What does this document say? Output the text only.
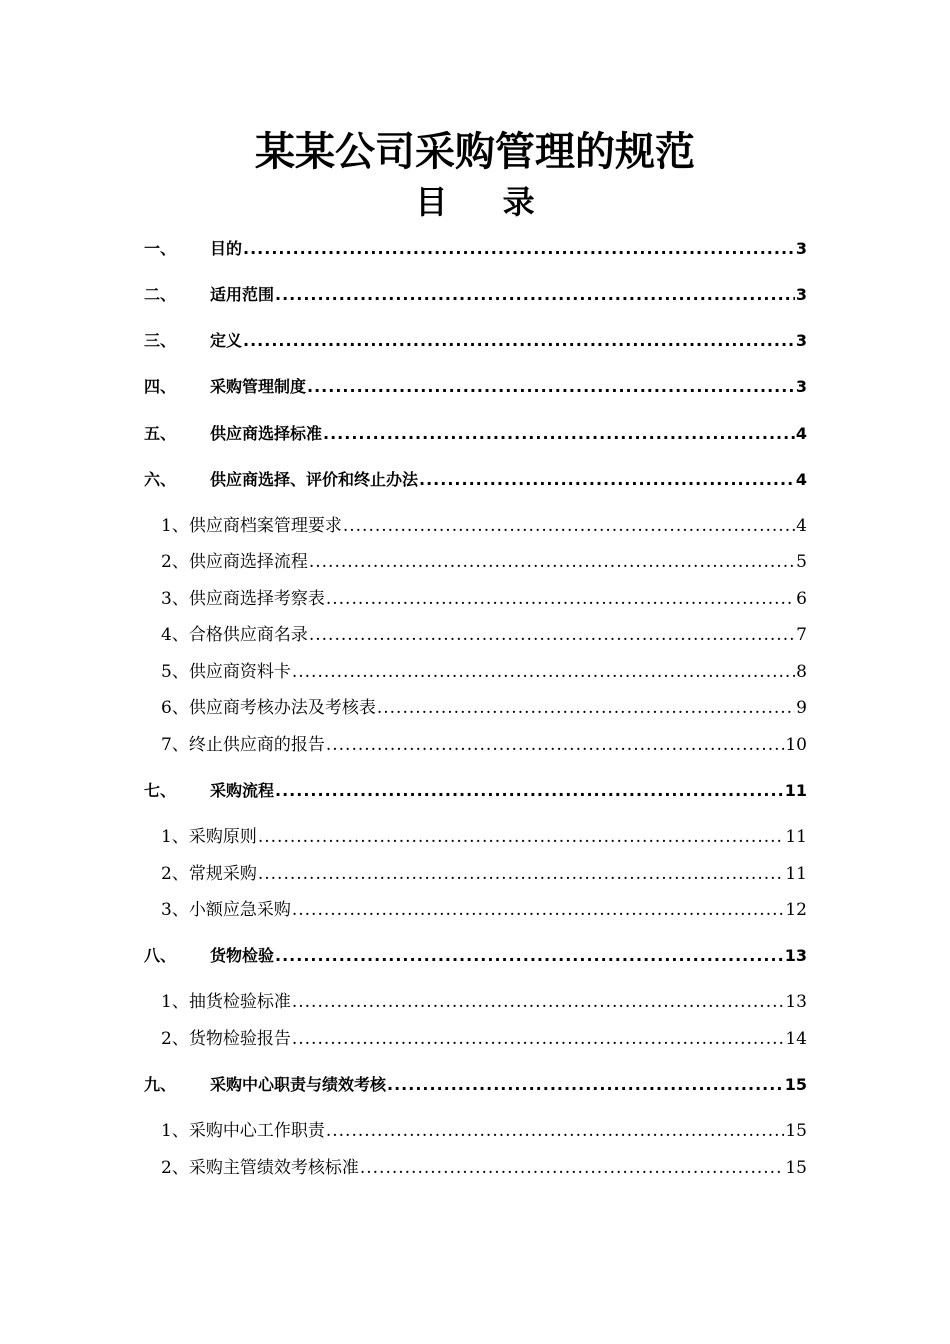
某某公司采购管理的规范
目 录
一、	目的 .....	3
二、	适用范围 .....	3
三、	定义 .....	3
四、	采购管理制度 .....	3
五、	供应商选择标准 .....	4
六、	供应商选择、评价和终止办法 .....	4
1、供应商档案管理要求 .....	4
2、供应商选择流程 .....	5
3、供应商选择考察表 .....	6
4、合格供应商名录 .....	7
5、供应商资料卡 .....	8
6、供应商考核办法及考核表 .....	9
7、终止供应商的报告 .....	10
七、	采购流程 .....	11
1、采购原则 .....	11
2、常规采购 .....	11
3、小额应急采购 .....	12
八、	货物检验 .....	13
1、抽货检验标准 .....	13
2、货物检验报告 .....	14
九、	采购中心职责与绩效考核 .....	15
1、采购中心工作职责 .....	15
2、采购主管绩效考核标准 .....	15
